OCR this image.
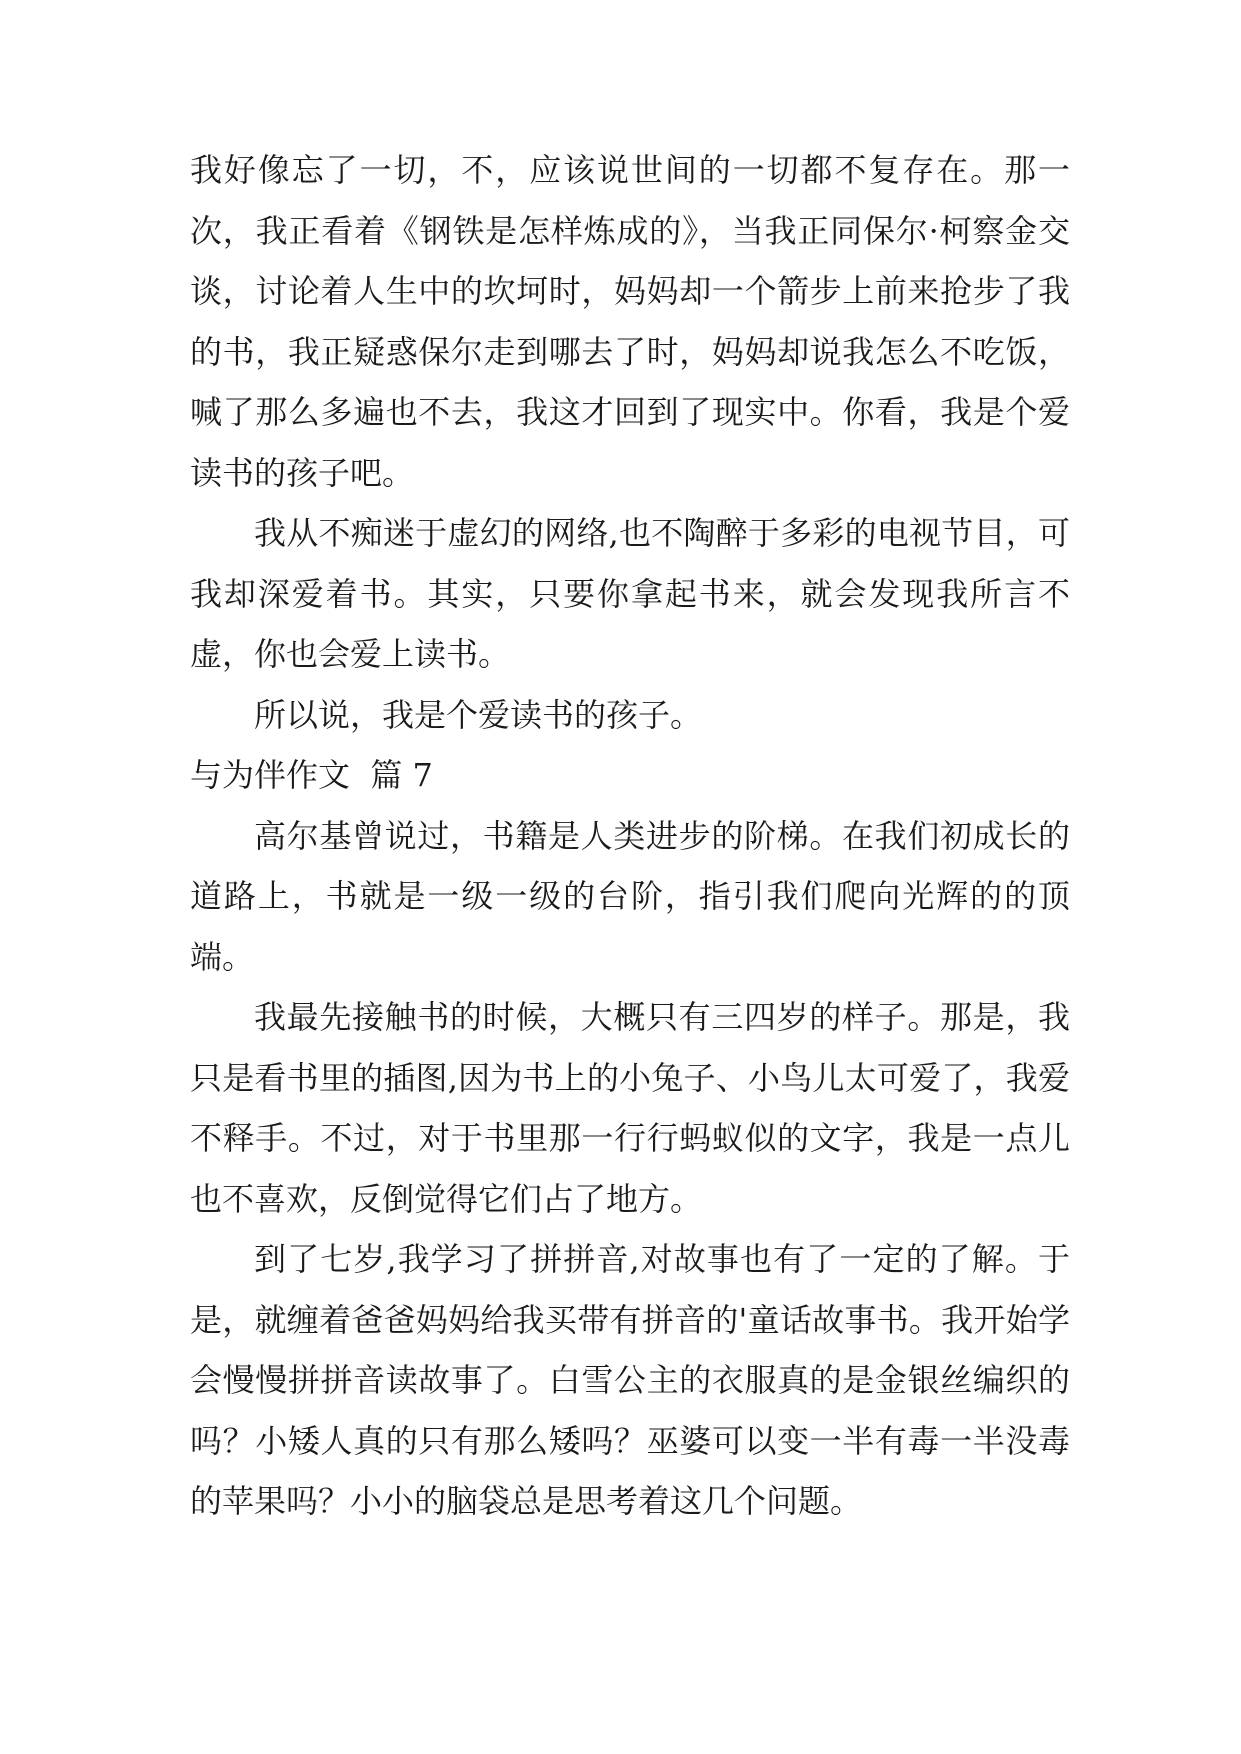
我好像忘了一切，不，应该说世间的一切都不复存在。那一次，我正看着《钢铁是怎样炼成的》，当我正同保尔·柯察金交谈，讨论着人生中的坎坷时，妈妈却一个箭步上前来抢步了我的书，我正疑惑保尔走到哪去了时，妈妈却说我怎么不吃饭，喊了那么多遍也不去，我这才回到了现实中。你看，我是个爱读书的孩子吧。

我从不痴迷于虚幻的网络,也不陶醉于多彩的电视节目，可我却深爱着书。其实，只要你拿起书来，就会发现我所言不虚，你也会爱上读书。

所以说，我是个爱读书的孩子。

与为伴作文  篇 7

高尔基曾说过，书籍是人类进步的阶梯。在我们初成长的道路上，书就是一级一级的台阶，指引我们爬向光辉的的顶端。

我最先接触书的时候，大概只有三四岁的样子。那是，我只是看书里的插图,因为书上的小兔子、小鸟儿太可爱了，我爱不释手。不过，对于书里那一行行蚂蚁似的文字，我是一点儿也不喜欢，反倒觉得它们占了地方。

到了七岁,我学习了拼拼音,对故事也有了一定的了解。于是，就缠着爸爸妈妈给我买带有拼音的'童话故事书。我开始学会慢慢拼拼音读故事了。白雪公主的衣服真的是金银丝编织的吗？小矮人真的只有那么矮吗？巫婆可以变一半有毒一半没毒的苹果吗？小小的脑袋总是思考着这几个问题。
